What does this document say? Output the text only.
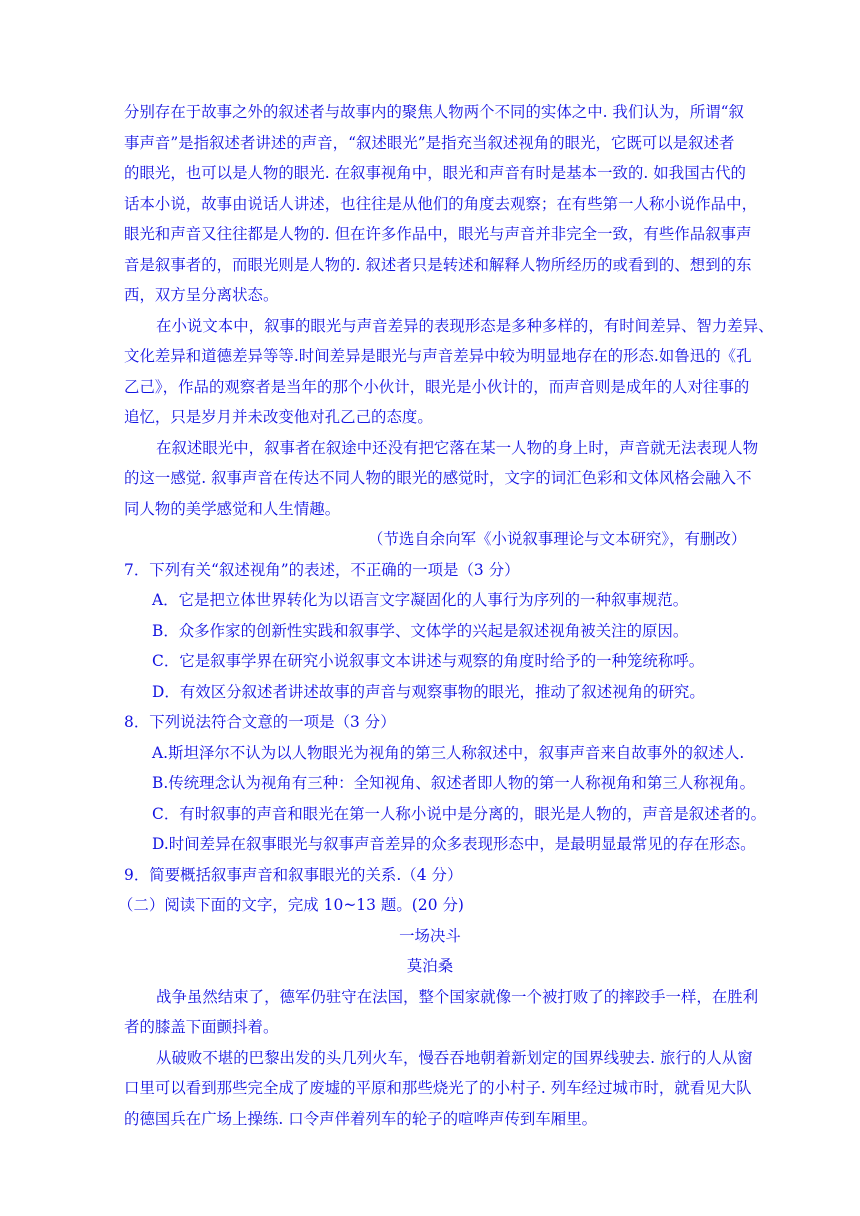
分别存在于故事之外的叙述者与故事内的聚焦人物两个不同的实体之中. 我们认为，所谓“叙
事声音”是指叙述者讲述的声音，“叙述眼光”是指充当叙述视角的眼光，它既可以是叙述者
的眼光，也可以是人物的眼光. 在叙事视角中，眼光和声音有时是基本一致的. 如我国古代的
话本小说，故事由说话人讲述，也往往是从他们的角度去观察；在有些第一人称小说作品中，
眼光和声音又往往都是人物的. 但在许多作品中，眼光与声音并非完全一致，有些作品叙事声
音是叙事者的，而眼光则是人物的. 叙述者只是转述和解释人物所经历的或看到的、想到的东
西，双方呈分离状态。
在小说文本中，叙事的眼光与声音差异的表现形态是多种多样的，有时间差异、智力差异、
文化差异和道德差异等等.时间差异是眼光与声音差异中较为明显地存在的形态.如鲁迅的《孔
乙己》，作品的观察者是当年的那个小伙计，眼光是小伙计的，而声音则是成年的人对往事的
追忆，只是岁月并未改变他对孔乙己的态度。
在叙述眼光中，叙事者在叙途中还没有把它落在某一人物的身上时，声音就无法表现人物
的这一感觉. 叙事声音在传达不同人物的眼光的感觉时，文字的词汇色彩和文体风格会融入不
同人物的美学感觉和人生情趣。
（节选自余向军《小说叙事理论与文本研究》，有删改）
7．下列有关“叙述视角”的表述，不正确的一项是（3 分）
A．它是把立体世界转化为以语言文字凝固化的人事行为序列的一种叙事规范。
B．众多作家的创新性实践和叙事学、文体学的兴起是叙述视角被关注的原因。
C．它是叙事学界在研究小说叙事文本讲述与观察的角度时给予的一种笼统称呼。
D．有效区分叙述者讲述故事的声音与观察事物的眼光，推动了叙述视角的研究。
8．下列说法符合文意的一项是（3 分）
A.斯坦泽尔不认为以人物眼光为视角的第三人称叙述中，叙事声音来自故事外的叙述人.
B.传统理念认为视角有三种：全知视角、叙述者即人物的第一人称视角和第三人称视角。
C．有时叙事的声音和眼光在第一人称小说中是分离的，眼光是人物的，声音是叙述者的。
D.时间差异在叙事眼光与叙事声音差异的众多表现形态中，是最明显最常见的存在形态。
9．简要概括叙事声音和叙事眼光的关系.（4 分）
（二）阅读下面的文字，完成 10~13 题。(20 分)
一场决斗
莫泊桑
战争虽然结束了，德军仍驻守在法国，整个国家就像一个被打败了的摔跤手一样，在胜利
者的膝盖下面颤抖着。
从破败不堪的巴黎出发的头几列火车，慢吞吞地朝着新划定的国界线驶去. 旅行的人从窗
口里可以看到那些完全成了废墟的平原和那些烧光了的小村子. 列车经过城市时，就看见大队
的德国兵在广场上操练. 口令声伴着列车的轮子的喧哗声传到车厢里。
